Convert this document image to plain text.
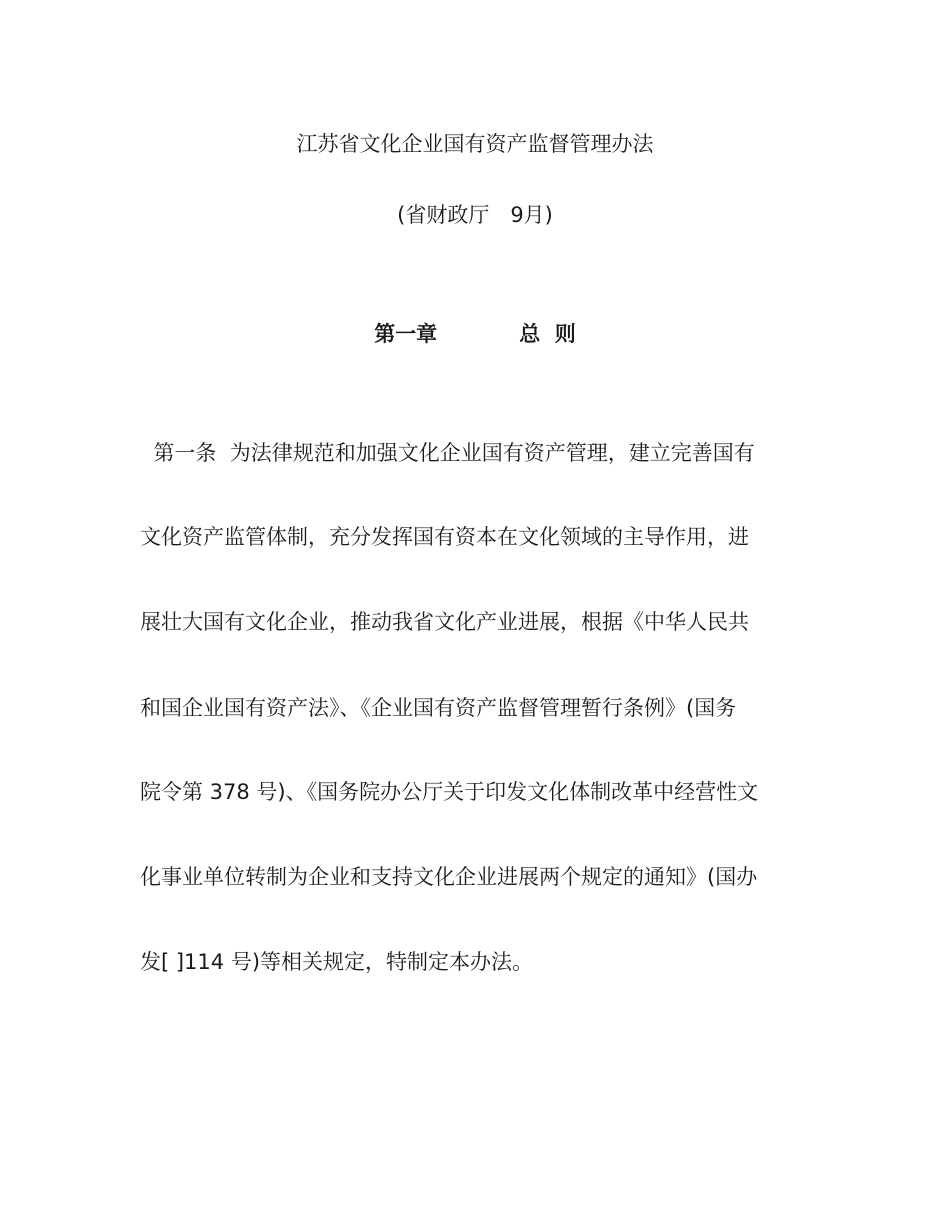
江苏省文化企业国有资产监督管理办法
(省财政厅　9月)
第一章	总  则
第一条  为法律规范和加强文化企业国有资产管理，建立完善国有
文化资产监管体制，充分发挥国有资本在文化领域的主导作用，进
展壮大国有文化企业，推动我省文化产业进展，根据《中华人民共
和国企业国有资产法》、《企业国有资产监督管理暂行条例》(国务
院令第 378 号)、《国务院办公厅关于印发文化体制改革中经营性文
化事业单位转制为企业和支持文化企业进展两个规定的通知》(国办
发[ ]114 号)等相关规定，特制定本办法。
